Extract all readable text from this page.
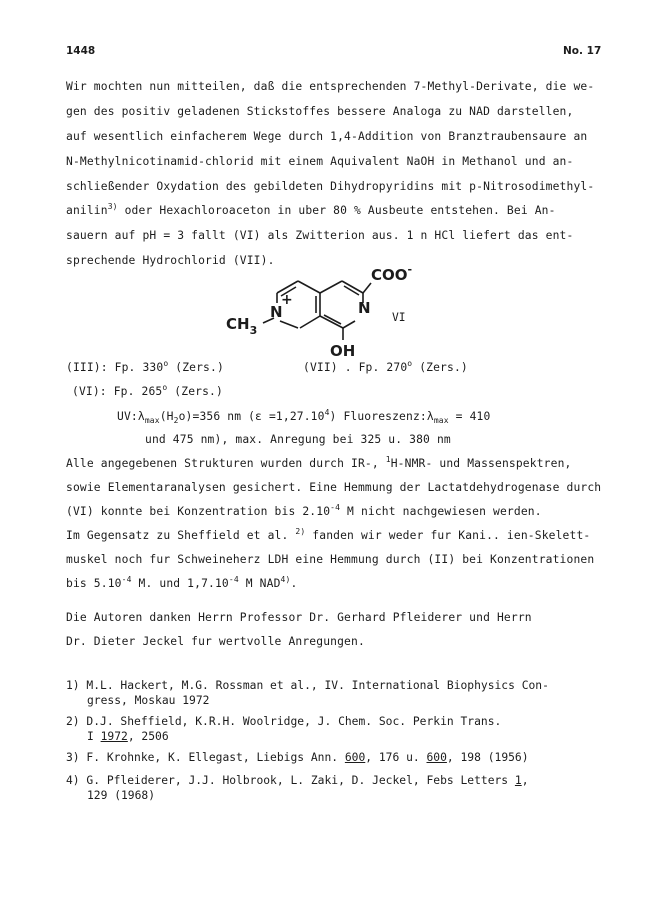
1448	No. 17
Wir mochten nun mitteilen, daß die entsprechenden 7-Methyl-Derivate, die we-
gen des positiv geladenen Stickstoffes bessere Analoga zu NAD darstellen,
auf wesentlich einfacherem Wege durch 1,4-Addition von Branztraubensaure an
N-Methylnicotinamid-chlorid mit einem Aquivalent NaOH in Methanol und an-
schließender Oxydation des gebildeten Dihydropyridins mit p-Nitrosodimethyl-
anilin$^{3)}$ oder Hexachloroaceton in uber 80 % Ausbeute entstehen. Bei An-
sauern auf pH = 3 fallt (VI) als Zwitterion aus. 1 n HCl liefert das ent-
sprechende Hydrochlorid (VII).
COO-
N
N
+
$CH_3$
OH
VI
(III): Fp. 330$^o$ (Zers.)	(VII) . Fp. 270$^o$ (Zers.)
(VI): Fp. 265$^o$ (Zers.)
$UV:\lambda_{max}(H_2o)=356$ nm $(\varepsilon =1,27.10^4)$ $Fluoreszenz:\lambda_{max} = 410$
und 475 nm), max. Anregung bei 325 u. 380 nm
Alle angegebenen Strukturen wurden durch IR-, $^1$H-NMR- und Massenspektren,
sowie Elementaranalysen gesichert. Eine Hemmung der Lactatdehydrogenase durch
(VI) konnte bei Konzentration bis $2.10^{-4}$ M nicht nachgewiesen werden.
Im Gegensatz zu Sheffield et al. $^{2)}$ fanden wir weder fur Kani.. ien-Skelett-
muskel noch fur Schweineherz LDH eine Hemmung durch (II) bei Konzentrationen
bis $5.10^{-4}$ M. und $1,7.10^{-4}$ M NAD$^{4)}$.
Die Autoren danken Herrn Professor Dr. Gerhard Pfleiderer und Herrn
Dr. Dieter Jeckel fur wertvolle Anregungen.
1) M.L. Hackert, M.G. Rossman et al., IV. International Biophysics Con-
gress, Moskau 1972
2) D.J. Sheffield, K.R.H. Woolridge, J. Chem. Soc. Perkin Trans.
I 1972, 2506
3) F. Krohnke, K. Ellegast, Liebigs Ann. 600, 176 u. 600, 198 (1956)
4) G. Pfleiderer, J.J. Holbrook, L. Zaki, D. Jeckel, Febs Letters 1,
129 (1968)
